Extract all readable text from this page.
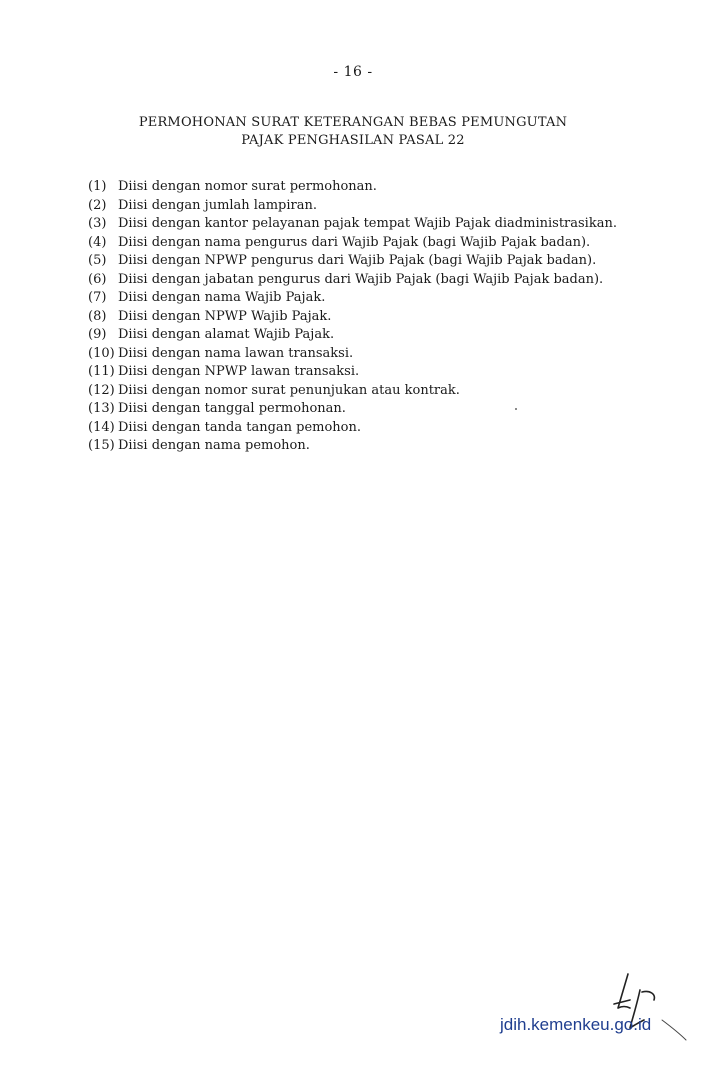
- 16 -
PERMOHONAN SURAT KETERANGAN BEBAS PEMUNGUTAN
PAJAK PENGHASILAN PASAL 22
(1) Diisi dengan nomor surat permohonan.
(2) Diisi dengan jumlah lampiran.
(3) Diisi dengan kantor pelayanan pajak tempat Wajib Pajak diadministrasikan.
(4) Diisi dengan nama pengurus dari Wajib Pajak (bagi Wajib Pajak badan).
(5) Diisi dengan NPWP pengurus dari Wajib Pajak (bagi Wajib Pajak badan).
(6) Diisi dengan jabatan pengurus dari Wajib Pajak (bagi Wajib Pajak badan).
(7) Diisi dengan nama Wajib Pajak.
(8) Diisi dengan NPWP Wajib Pajak.
(9) Diisi dengan alamat Wajib Pajak.
(10) Diisi dengan nama lawan transaksi.
(11) Diisi dengan NPWP lawan transaksi.
(12) Diisi dengan nomor surat penunjukan atau kontrak.
(13) Diisi dengan tanggal permohonan.
(14) Diisi dengan tanda tangan pemohon.
(15) Diisi dengan nama pemohon.
jdih.kemenkeu.go.id
